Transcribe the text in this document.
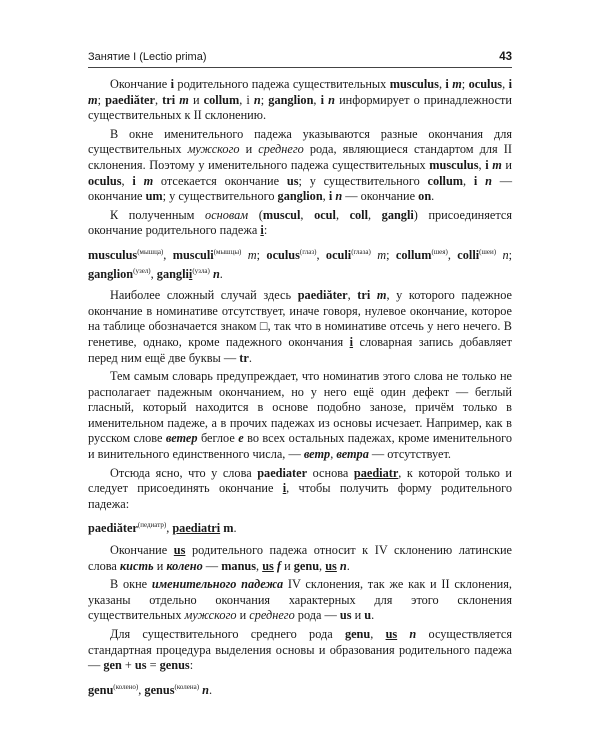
Занятие I (Lectio prima)	43

Окончание i родительного падежа существительных musculus, i m; oculus, i m; paediăter, tri m и collum, i n; ganglion, i n информирует о принадлежности существительных к II склонению.

В окне именительного падежа указываются разные окончания для существительных мужского и среднего рода, являющиеся стандартом для II склонения. Поэтому у именительного падежа существительных musculus, i m и oculus, i m отсекается окончание us; у существительного collum, i n — окончание um; у существительного ganglion, i n — окончание on.

К полученным основам (muscul, ocul, coll, gangli) присоединяется окончание родительного падежа i:

musculus$^{(мышца)}$, musculi$^{(мышцы)}$ m; oculus$^{(глаз)}$, oculi$^{(глаза)}$ m; collum$^{(шея)}$, colli$^{(шеи)}$ n; ganglion$^{(узел)}$, ganglii$^{(узла)}$ n.

Наиболее сложный случай здесь paediăter, tri m, у которого падежное окончание в номинативе отсутствует, иначе говоря, нулевое окончание, которое на таблице обозначается знаком □, так что в номинативе отсечь у него нечего. В генетиве, однако, кроме падежного окончания i словарная запись добавляет перед ним ещё две буквы — tr.

Тем самым словарь предупреждает, что номинатив этого слова не только не располагает падежным окончанием, но у него ещё один дефект — беглый гласный, который находится в основе подобно занозе, причём только в именительном падеже, а в прочих падежах из основы исчезает. Например, как в русском слове ветер беглое е во всех остальных падежах, кроме именительного и винительного единственного числа, — ветр, ветра — отсутствует.

Отсюда ясно, что у слова paediater основа paediatr, к которой только и следует присоединять окончание i, чтобы получить форму родительного падежа:

paediăter$^{(педиатр)}$, paediatri m.

Окончание us родительного падежа относит к IV склонению латинские слова кисть и колено — manus, us f и genu, us n.

В окне именительного падежа IV склонения, так же как и II склонения, указаны отдельно окончания характерных для этого склонения существительных мужского и среднего рода — us и u.

Для существительного среднего рода genu, us n осуществляется стандартная процедура выделения основы и образования родительного падежа — gen + us = genus:

genu$^{(колено)}$, genus$^{(колена)}$ n.
